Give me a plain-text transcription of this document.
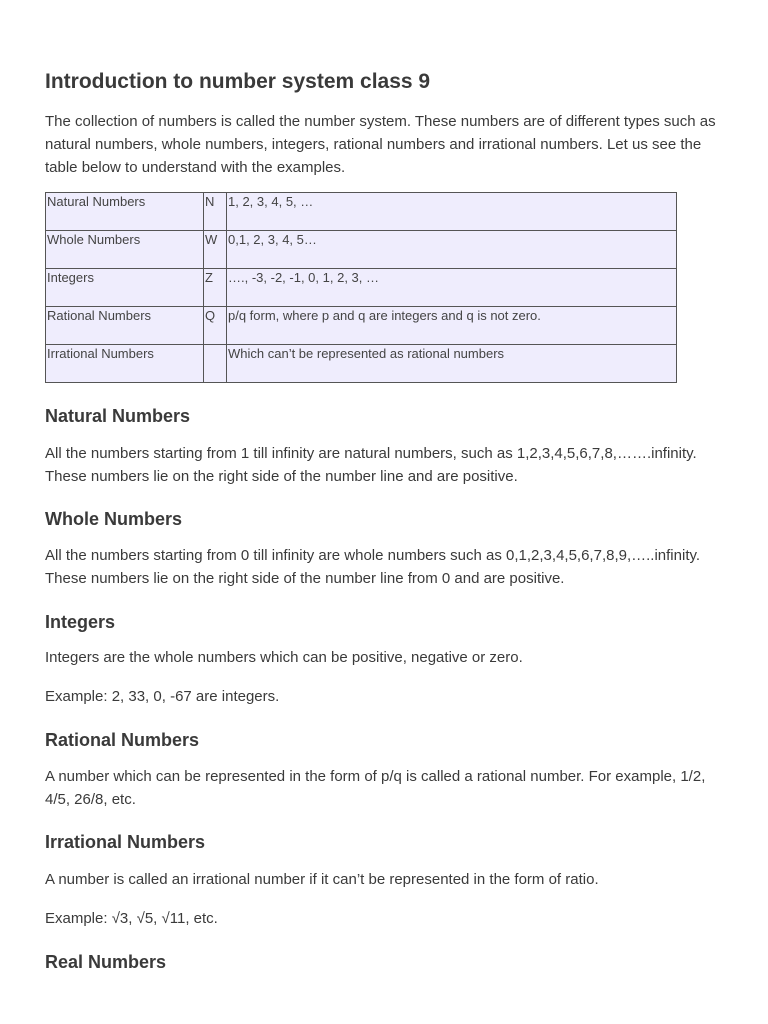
Introduction to number system class 9

The collection of numbers is called the number system. These numbers are of different types such as natural numbers, whole numbers, integers, rational numbers and irrational numbers. Let us see the table below to understand with the examples.

Natural Numbers	N	1, 2, 3, 4, 5, …
Whole Numbers	W	0,1, 2, 3, 4, 5…
Integers	Z	…., -3, -2, -1, 0, 1, 2, 3, …
Rational Numbers	Q	p/q form, where p and q are integers and q is not zero.
Irrational Numbers		Which can’t be represented as rational numbers
Natural Numbers

All the numbers starting from 1 till infinity are natural numbers, such as 1,2,3,4,5,6,7,8,…….infinity. These numbers lie on the right side of the number line and are positive.

Whole Numbers

All the numbers starting from 0 till infinity are whole numbers such as 0,1,2,3,4,5,6,7,8,9,…..infinity. These numbers lie on the right side of the number line from 0 and are positive.

Integers

Integers are the whole numbers which can be positive, negative or zero.

Example: 2, 33, 0, -67 are integers.

Rational Numbers

A number which can be represented in the form of p/q is called a rational number. For example, 1/2, 4/5, 26/8, etc.

Irrational Numbers

A number is called an irrational number if it can’t be represented in the form of ratio.

Example: √3, √5, √11, etc.

Real Numbers
